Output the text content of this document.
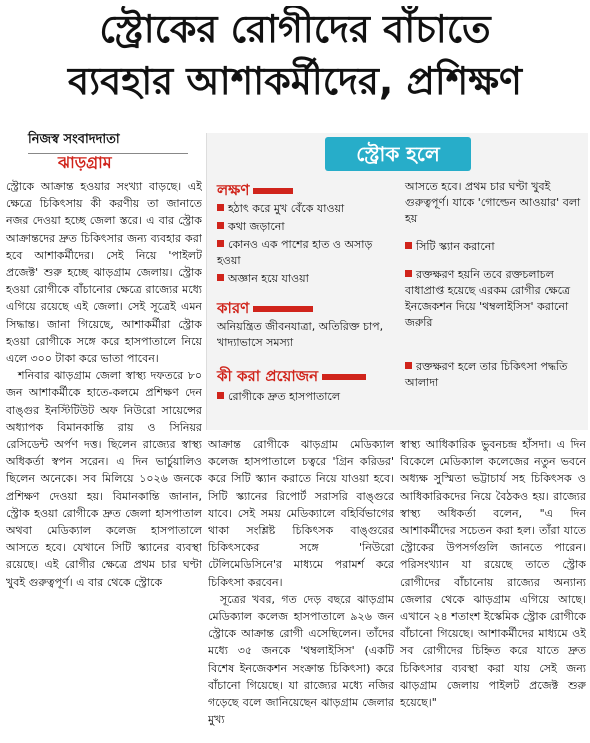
স্ট্রোকের রোগীদের বাঁচাতে
ব্যবহার আশাকর্মীদের, প্রশিক্ষণ
নিজস্ব সংবাদদাতা
ঝাড়গ্রাম

স্ট্রোকে আক্রান্ত হওয়ার সংখ্যা বাড়ছে। এই ক্ষেত্রে চিকিৎসায় কী করণীয় তা জানাতে নজর দেওয়া হচ্ছে জেলা স্তরে। এ বার স্ট্রোক আক্রান্তদের দ্রুত চিকিৎসার জন্য ব্যবহার করা হবে আশাকর্মীদের। সেই নিয়ে 'পাইলট প্রজেক্ট' শুরু হচ্ছে ঝাড়গ্রাম জেলায়। স্ট্রোক হওয়া রোগীকে বাঁচানোর ক্ষেত্রে রাজ্যের মধ্যে এগিয়ে রয়েছে এই জেলা। সেই সূত্রেই এমন সিদ্ধান্ত। জানা গিয়েছে, আশাকর্মীরা স্ট্রোক হওয়া রোগীকে সঙ্গে করে হাসপাতালে নিয়ে এলে ৩০০ টাকা করে ভাতা পাবেন।

শনিবার ঝাড়গ্রাম জেলা স্বাস্থ্য দফতরে ৮০ জন আশাকর্মীকে হাতে-কলমে প্রশিক্ষণ দেন বাঙ্গুর ইনস্টিটিউট অফ নিউরো সায়েন্সের অধ্যাপক বিমানকান্তি রায় ও সিনিয়র রেসিডেন্ট অর্পণ দত্ত। ছিলেন রাজ্যের স্বাস্থ্য অধিকর্তা স্বপন সরেন। এ দিন ভার্চুয়ালিও ছিলেন অনেকে। সব মিলিয়ে ১০২৬ জনকে প্রশিক্ষণ দেওয়া হয়। বিমানকান্তি জানান, স্ট্রোক হওয়া রোগীকে দ্রুত জেলা হাসপাতাল অথবা মেডিক্যাল কলেজ হাসপাতালে আসতে হবে। যেখানে সিটি স্ক্যানের ব্যবস্থা রয়েছে। এই রোগীর ক্ষেত্রে প্রথম চার ঘণ্টা খুবই গুরুত্বপূর্ণ। এ বার থেকে স্ট্রোকে

স্ট্রোক হলে
লক্ষণ
হঠাৎ করে মুখ বেঁকে যাওয়া
কথা জড়ানো
কোনও এক পাশের হাত ও অসাড় হওয়া
অজ্ঞান হয়ে যাওয়া
কারণ
অনিয়ন্ত্রিত জীবনযাত্রা, অতিরিক্ত চাপ, খাদ্যাভাসে সমস্যা
কী করা প্রয়োজন
রোগীকে দ্রুত হাসপাতালে
আসতে হবে। প্রথম চার ঘণ্টা খুবই গুরুত্বপূর্ণ। যাকে 'গোল্ডেন আওয়ার' বলা হয়
সিটি স্ক্যান করানো
রক্তক্ষরণ হয়নি তবে রক্তচলাচল বাধাপ্রাপ্ত হয়েছে এরকম রোগীর ক্ষেত্রে ইনজেকশন দিয়ে 'থম্বলাইসিস' করানো জরুরি
রক্তক্ষরণ হলে তার চিকিৎসা পদ্ধতি আলাদা

আক্রান্ত রোগীকে ঝাড়গ্রাম মেডিক্যাল কলেজ হাসপাতালে চত্বরে 'গ্রিন করিডর' করে সিটি স্ক্যান করাতে নিয়ে যাওয়া হবে। সিটি স্ক্যানের রিপোর্ট সরাসরি বাঙ্গুরে যাবে। সেই সময় মেডিক্যালে বহির্বিভাগের থাকা সংশ্লিষ্ট চিকিৎসক বাঙ্গুরের চিকিৎসকের সঙ্গে 'নিউরো টেলিমেডিসিনে'র মাধ্যমে পরামর্শ করে চিকিৎসা করবেন।

সূত্রের খবর, গত দেড় বছরে ঝাড়গ্রাম মেডিক্যাল কলেজ হাসপাতালে ৯২৬ জন স্ট্রোকে আক্রান্ত রোগী এসেছিলেন। তাঁদের মধ্যে ৩৫ জনকে 'থম্বলাইসিস' (একটি বিশেষ ইনজেকশন সংক্রান্ত চিকিৎসা) করে বাঁচানো গিয়েছে। যা রাজ্যের মধ্যে নজির গড়েছে বলে জানিয়েছেন ঝাড়গ্রাম জেলার মুখ্য

স্বাস্থ্য আধিকারিক ভুবনচন্দ্র হাঁসদা। এ দিন বিকেলে মেডিক্যাল কলেজের নতুন ভবনে অধ্যক্ষ সুস্মিতা ভট্টাচার্য সহ চিকিৎসক ও আধিকারিকদের নিয়ে বৈঠকও হয়। রাজ্যের স্বাস্থ্য অধিকর্তা বলেন, "এ দিন আশাকর্মীদের সচেতন করা হল। তাঁরা যাতে স্ট্রোকের উপসর্গগুলি জানতে পারেন। পরিসংখ্যান যা রয়েছে তাতে স্ট্রোক রোগীদের বাঁচানোয় রাজ্যের অন্যান্য জেলার থেকে ঝাড়গ্রাম এগিয়ে আছে। এখানে ২৪ শতাংশ ইস্কেমিক স্ট্রোক রোগীকে বাঁচানো গিয়েছে। আশাকর্মীদের মাধ্যমে ওই সব রোগীদের চিহ্নিত করে যাতে দ্রুত চিকিৎসার ব্যবস্থা করা যায় সেই জন্য ঝাড়গ্রাম জেলায় পাইলট প্রজেক্ট শুরু হয়েছে।"
